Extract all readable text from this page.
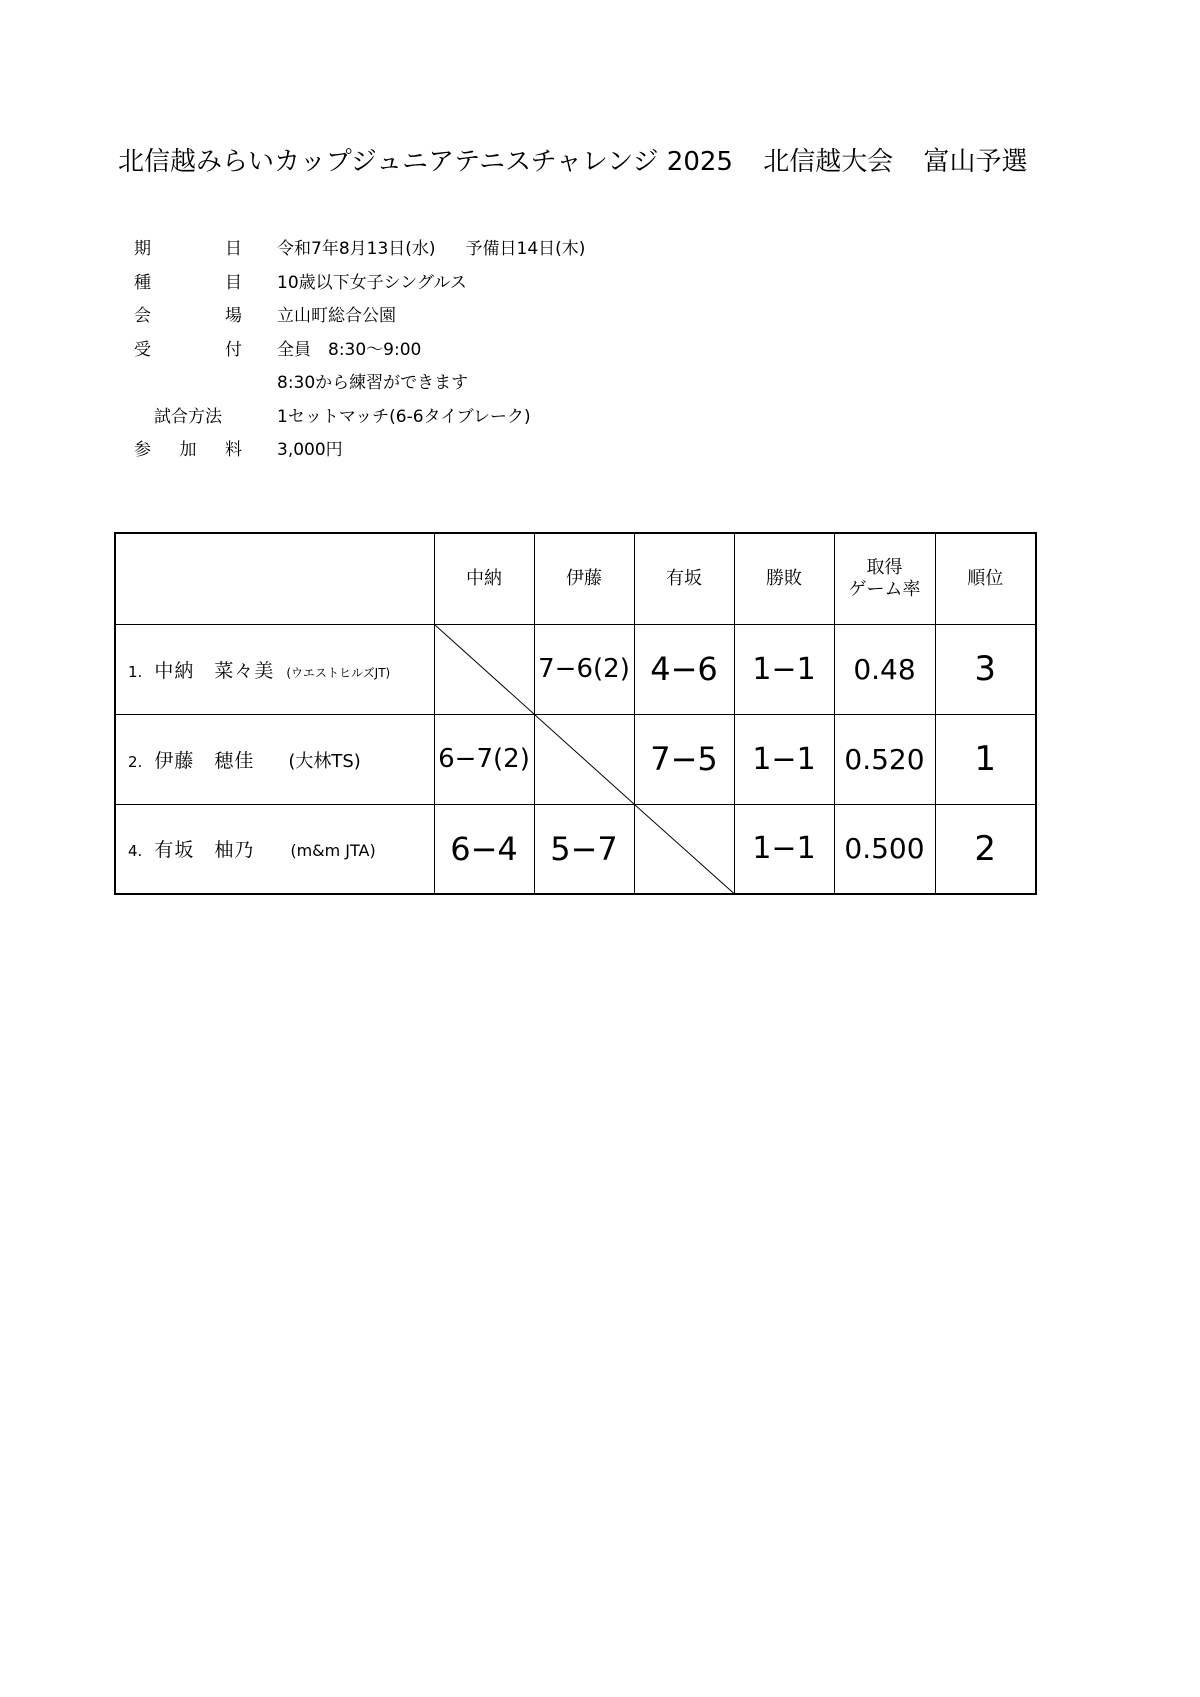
北信越みらいカップジュニアテニスチャレンジ 2025 北信越大会 富山予選
期	日 令和7年8月13日(水) 予備日14日(木)
種	目 10歳以下女子シングルス
会	場 立山町総合公園
受	付 全員　8:30～9:00
8:30から練習ができます
試合方法	1セットマッチ(6-6タイブレーク)
参 加 料 3,000円
	中納	伊藤	有坂	勝敗	取得
ゲーム率	順位
1. 中納　菜々美 (ウエストヒルズJT)		7−6(2)	4−6	1−1	0.48	3
2. 伊藤　穂佳 (大林TS)	6−7(2)		7−5	1−1	0.520	1
4. 有坂　柚乃 (m&m JTA)	6−4	5−7		1−1	0.500	2
